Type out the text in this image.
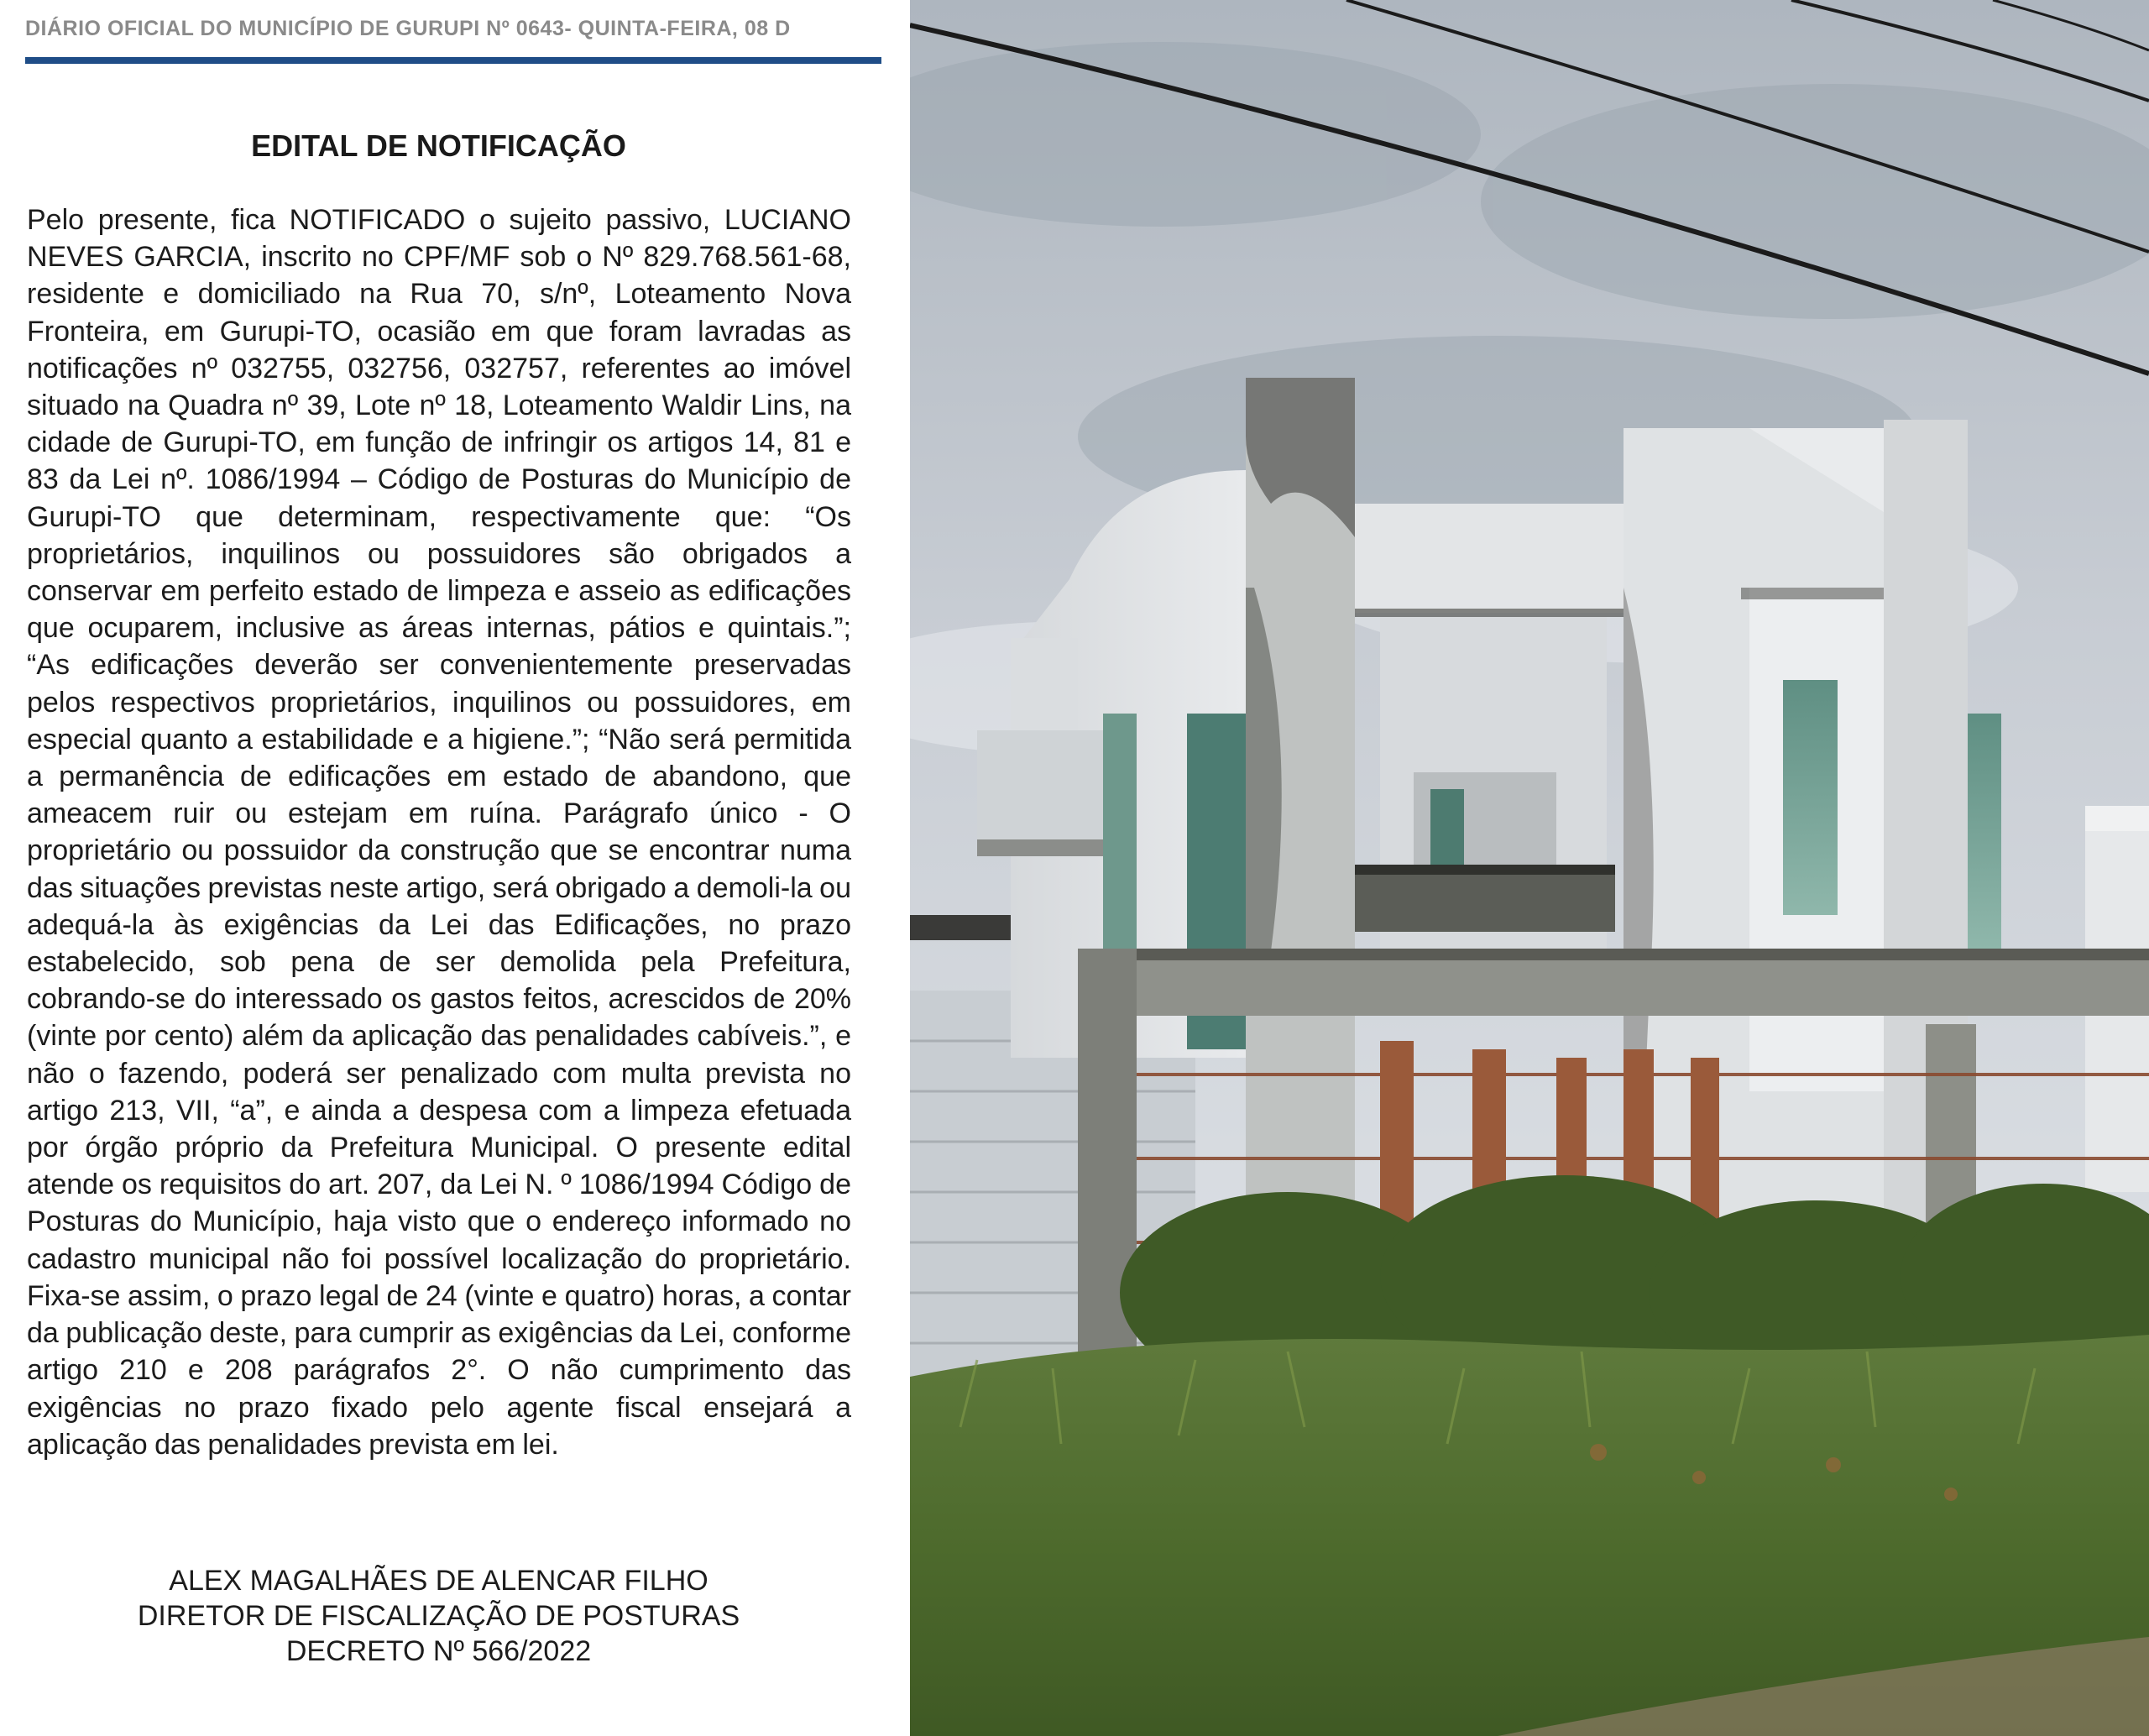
DIÁRIO OFICIAL DO MUNICÍPIO DE GURUPI Nº 0643- QUINTA-FEIRA, 08 D
EDITAL DE NOTIFICAÇÃO
Pelo presente, fica NOTIFICADO o sujeito passivo, LUCIANO NEVES GARCIA, inscrito no CPF/MF sob o Nº 829.768.561-68, residente e domiciliado na Rua 70, s/nº, Loteamento Nova Fronteira, em Gurupi-TO, ocasião em que foram lavradas as notificações nº 032755, 032756, 032757, referentes ao imóvel situado na Quadra nº 39, Lote nº 18, Loteamento Waldir Lins, na cidade de Gurupi-TO, em função de infringir os artigos 14, 81 e 83 da Lei nº. 1086/1994 – Código de Posturas do Município de Gurupi-TO que determinam, respectivamente que: “Os proprietários, inquilinos ou possuidores são obrigados a conservar em perfeito estado de limpeza e asseio as edificações que ocuparem, inclusive as áreas internas, pátios e quintais.”; “As edificações deverão ser convenientemente preservadas pelos respectivos proprietários, inquilinos ou possuidores, em especial quanto a estabilidade e a higiene.”; “Não será permitida a permanência de edificações em estado de abandono, que ameacem ruir ou estejam em ruína. Parágrafo único - O proprietário ou possuidor da construção que se encontrar numa das situações previstas neste artigo, será obrigado a demoli-la ou adequá-la às exigências da Lei das Edificações, no prazo estabelecido, sob pena de ser demolida pela Prefeitura, cobrando-se do interessado os gastos feitos, acrescidos de 20% (vinte por cento) além da aplicação das penalidades cabíveis.”, e não o fazendo, poderá ser penalizado com multa prevista no artigo 213, VII, “a”, e ainda a despesa com a limpeza efetuada por órgão próprio da Prefeitura Municipal. O presente edital atende os requisitos do art. 207, da Lei N. º 1086/1994 Código de Posturas do Município, haja visto que o endereço informado no cadastro municipal não foi possível localização do proprietário. Fixa-se assim, o prazo legal de 24 (vinte e quatro) horas, a contar da publicação deste, para cumprir as exigências da Lei, conforme artigo 210 e 208 parágrafos 2°. O não cumprimento das exigências no prazo fixado pelo agente fiscal ensejará a aplicação das penalidades prevista em lei.
ALEX MAGALHÃES DE ALENCAR FILHO
DIRETOR DE FISCALIZAÇÃO DE POSTURAS
DECRETO Nº 566/2022
